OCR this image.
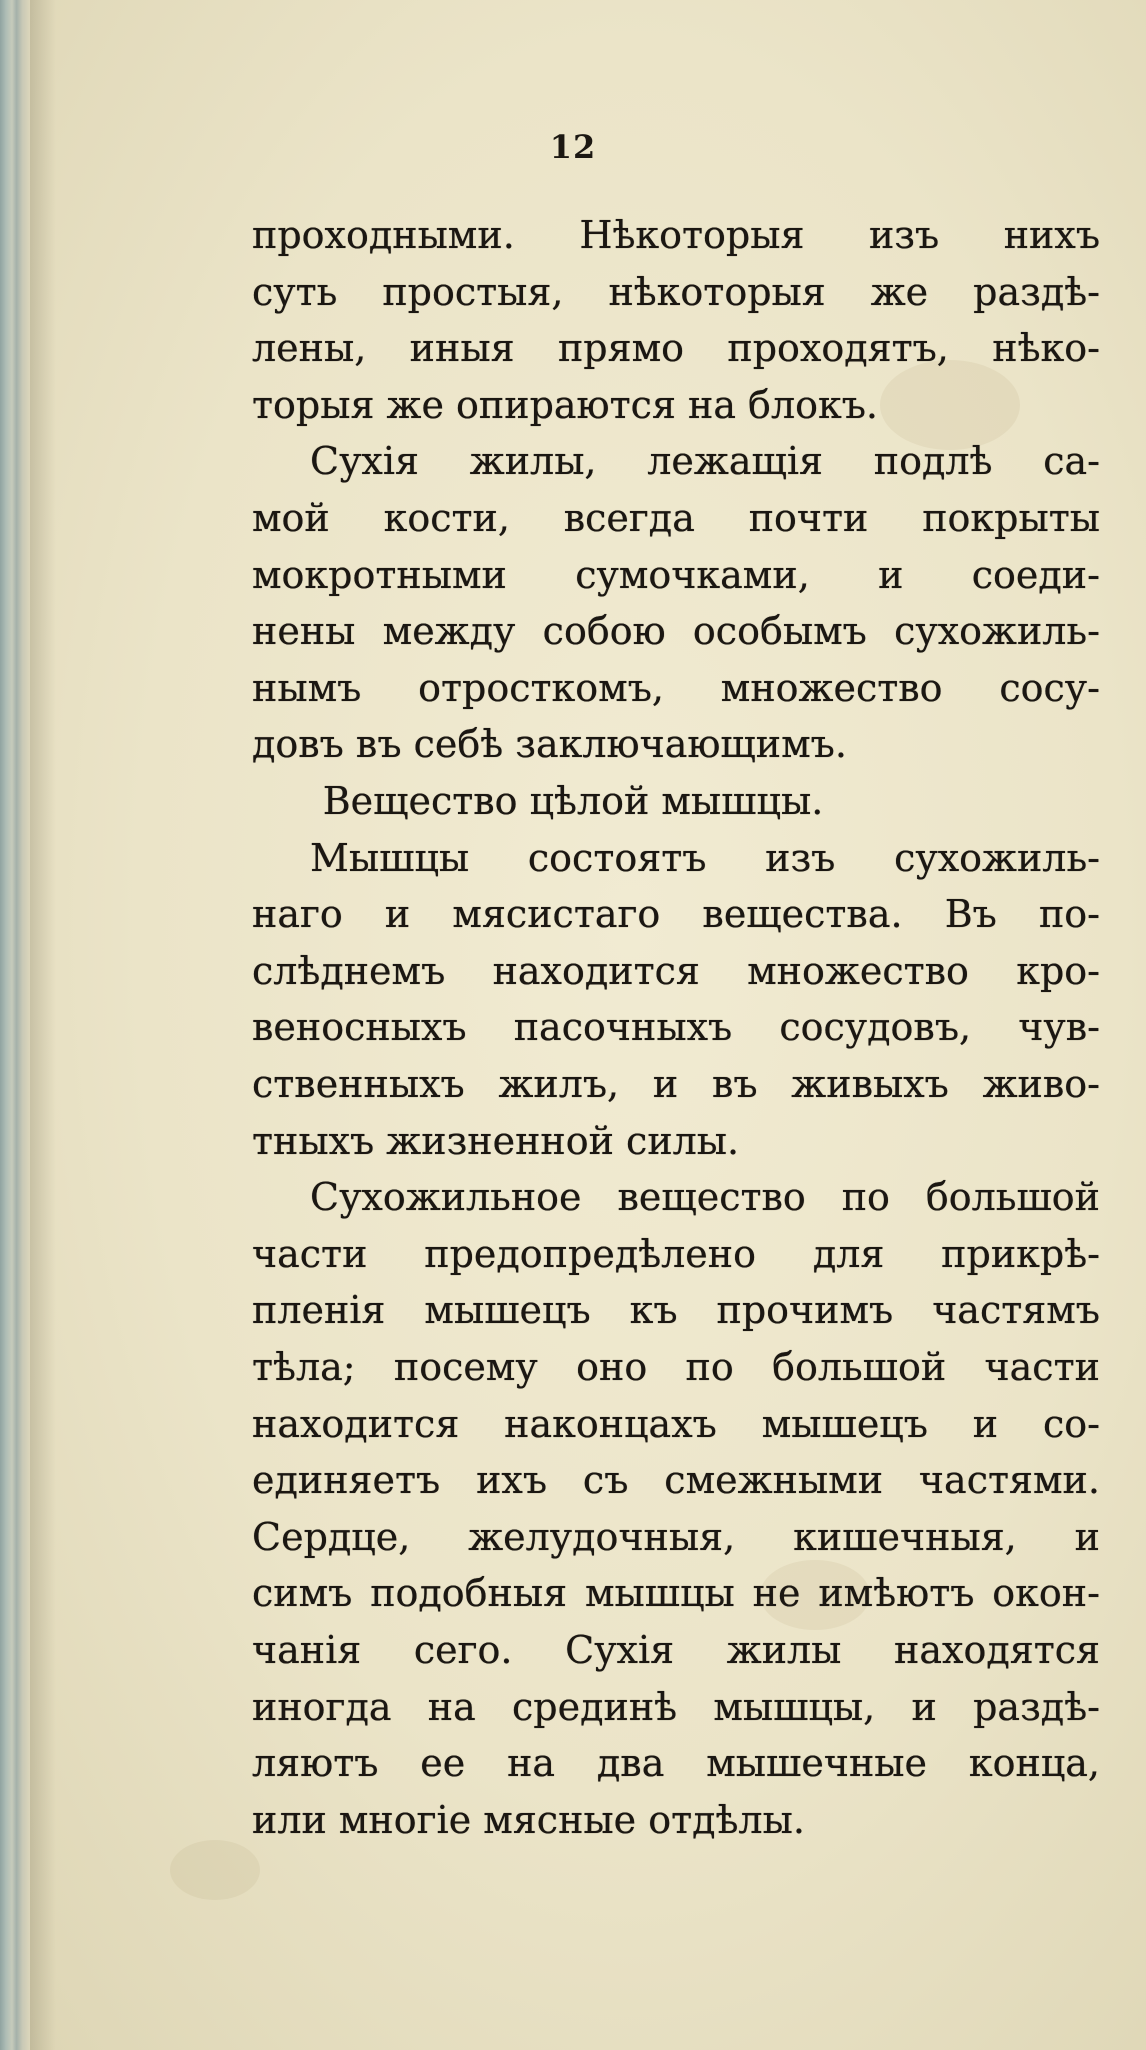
12
проходными. Нѣкоторыя изъ нихъ
суть простыя, нѣкоторыя же раздѣ-
лены, иныя прямо проходятъ, нѣко-
торыя же опираются на блокъ.
Сухія жилы, лежащія подлѣ са-
мой кости, всегда почти покрыты
мокротными сумочками, и соеди-
нены между собою особымъ сухожиль-
нымъ отросткомъ, множество сосу-
довъ въ себѣ заключающимъ.
Вещество цѣлой мышцы.
Мышцы состоятъ изъ сухожиль-
наго и мясистаго вещества. Въ по-
слѣднемъ находится множество кро-
веносныхъ пасочныхъ сосудовъ, чув-
ственныхъ жилъ, и въ живыхъ живо-
тныхъ жизненной силы.
Сухожильное вещество по большой
части предопредѣлено для прикрѣ-
пленія мышецъ къ прочимъ частямъ
тѣла; посему оно по большой части
находится наконцахъ мышецъ и со-
единяетъ ихъ съ смежными частями.
Сердце, желудочныя, кишечныя, и
симъ подобныя мышцы не имѣютъ окон-
чанія сего. Сухія жилы находятся
иногда на срединѣ мышцы, и раздѣ-
ляютъ ее на два мышечные конца,
или многіе мясные отдѣлы.
